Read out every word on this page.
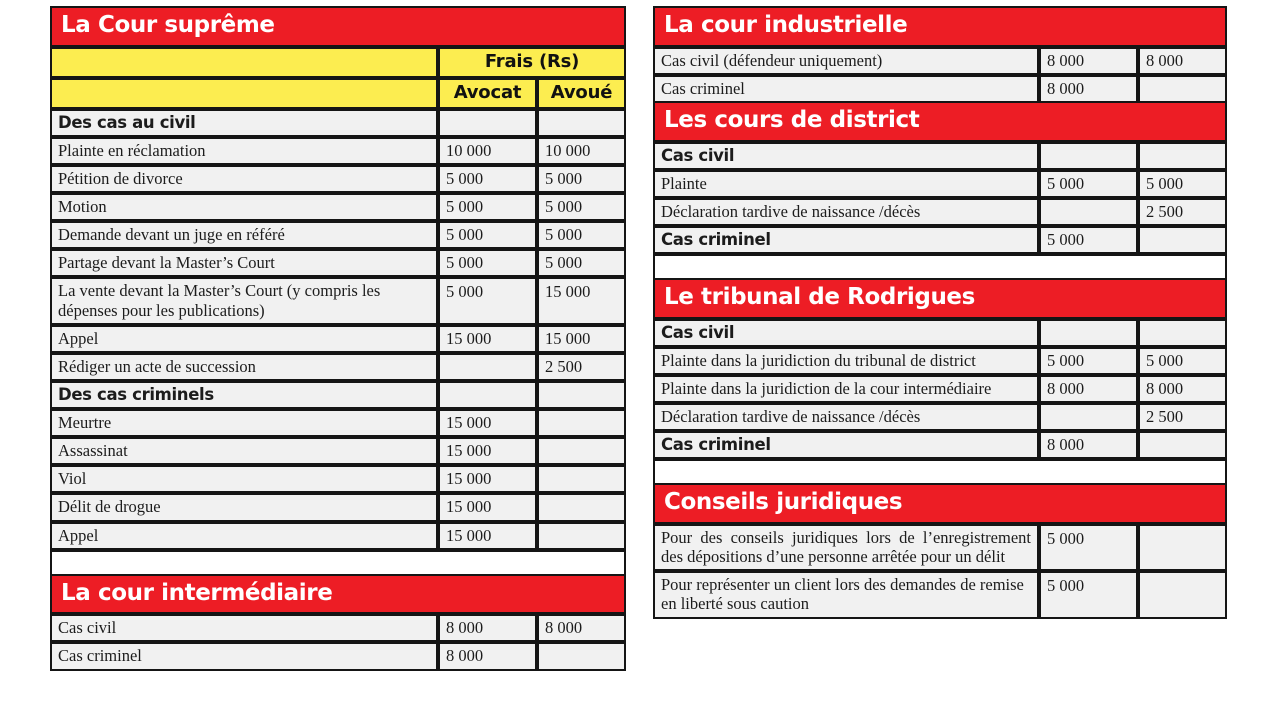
La Cour suprême		
	Frais (Rs)	
	Avocat	Avoué
Des cas au civil		
Plainte en réclamation	10 000	10 000
Pétition de divorce	5 000	5 000
Motion	5 000	5 000
Demande devant un juge en référé	5 000	5 000
Partage devant la Master’s Court	5 000	5 000
La vente devant la Master’s Court (y compris les dépenses pour les publications)	5 000	15 000
Appel	15 000	15 000
Rédiger un acte de succession		2 500
Des cas criminels		
Meurtre	15 000	
Assassinat	15 000	
Viol	15 000	
Délit de drogue	15 000	
Appel	15 000	

La cour intermédiaire		
Cas civil	8 000	8 000
Cas criminel	8 000	
La cour industrielle		
Cas civil (défendeur uniquement)	8 000	8 000
Cas criminel	8 000	
Les cours de district		
Cas civil		
Plainte	5 000	5 000
Déclaration tardive de naissance /décès		2 500
Cas criminel	5 000	

Le tribunal de Rodrigues		
Cas civil		
Plainte dans la juridiction du tribunal de district	5 000	5 000
Plainte dans la juridiction de la cour intermédiaire	8 000	8 000
Déclaration tardive de naissance /décès		2 500
Cas criminel	8 000	

Conseils juridiques		
Pour des conseils juridiques lors de l’enregistrement des dépositions d’une personne arrêtée pour un délit	5 000	
Pour représenter un client lors des demandes de remise en liberté sous caution	5 000	
